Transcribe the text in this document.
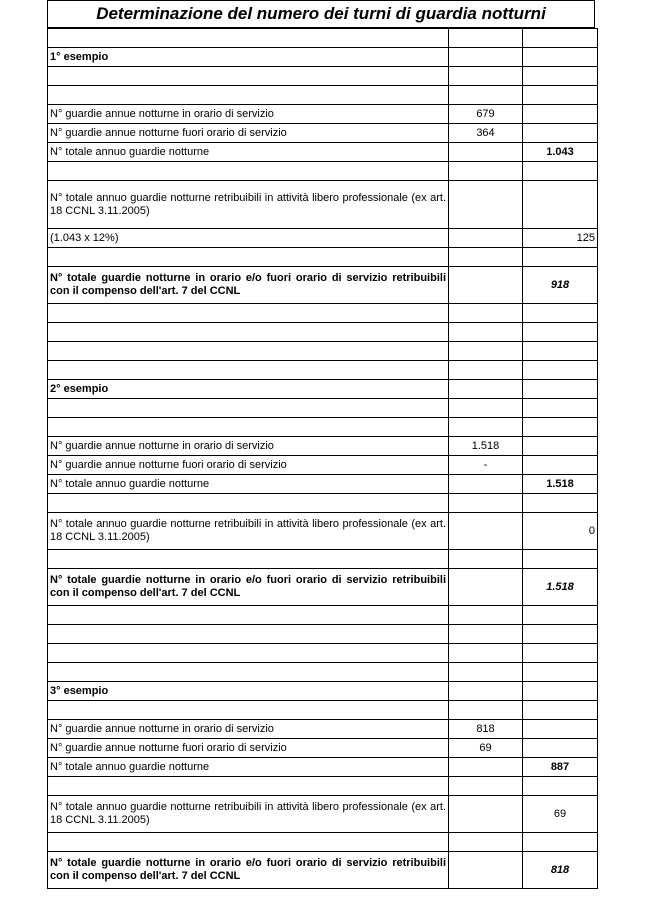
Determinazione del numero dei turni di guardia notturni

1° esempio		

N° guardie annue notturne in orario di servizio	679	
N° guardie annue notturne fuori orario di servizio	364	
N° totale annuo guardie notturne		1.043

N° totale annuo guardie notturne retribuibili in attività libero professionale (ex art. 18 CCNL 3.11.2005)		
(1.043 x 12%)		125

N° totale guardie notturne in orario e/o fuori orario di servizio retribuibili con il compenso dell'art. 7 del CCNL		918

2° esempio		

N° guardie annue notturne in orario di servizio	1.518	
N° guardie annue notturne fuori orario di servizio	-	
N° totale annuo guardie notturne		1.518

N° totale annuo guardie notturne retribuibili in attività libero professionale (ex art. 18 CCNL 3.11.2005)		0

N° totale guardie notturne in orario e/o fuori orario di servizio retribuibili con il compenso dell'art. 7 del CCNL		1.518

3° esempio		

N° guardie annue notturne in orario di servizio	818	
N° guardie annue notturne fuori orario di servizio	69	
N° totale annuo guardie notturne		887

N° totale annuo guardie notturne retribuibili in attività libero professionale (ex art. 18 CCNL 3.11.2005)		69

N° totale guardie notturne in orario e/o fuori orario di servizio retribuibili con il compenso dell'art. 7 del CCNL		818
